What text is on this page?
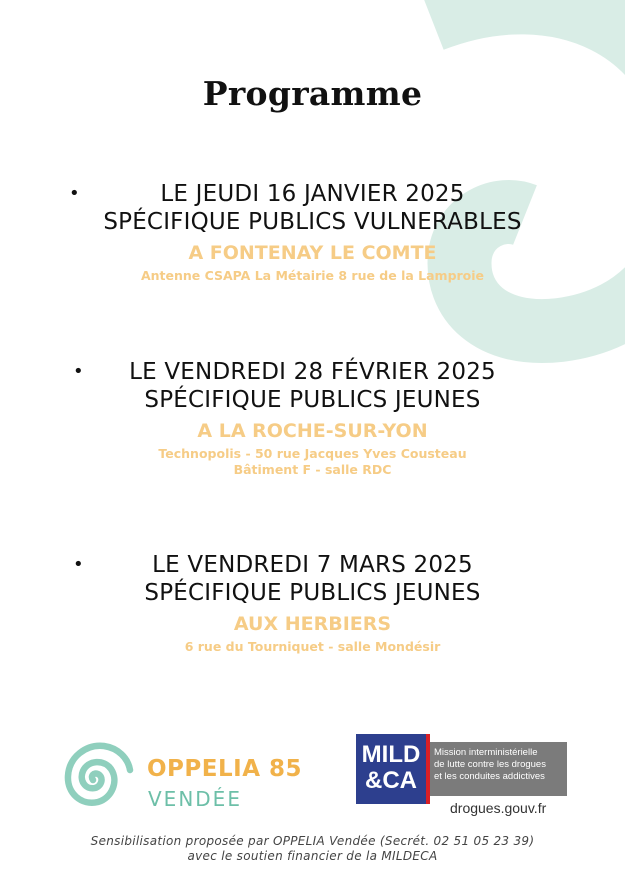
Programme
•	LE JEUDI 16 JANVIER 2025
SPÉCIFIQUE PUBLICS VULNERABLES
A FONTENAY LE COMTE
Antenne CSAPA La Métairie 8 rue de la Lamproie
• LE VENDREDI 28 FÉVRIER 2025
SPÉCIFIQUE PUBLICS JEUNES
A LA ROCHE-SUR-YON
Technopolis - 50 rue Jacques Yves Cousteau
Bâtiment F - salle RDC
•	LE VENDREDI 7 MARS 2025
SPÉCIFIQUE PUBLICS JEUNES
AUX HERBIERS
6 rue du Tourniquet - salle Mondésir
OPPELIA 85
VENDÉE
MILD
&CA
Mission interministérielle
de lutte contre les drogues
et les conduites addictives
drogues.gouv.fr
Sensibilisation proposée par OPPELIA Vendée (Secrét. 02 51 05 23 39)
avec le soutien financier de la MILDECA
